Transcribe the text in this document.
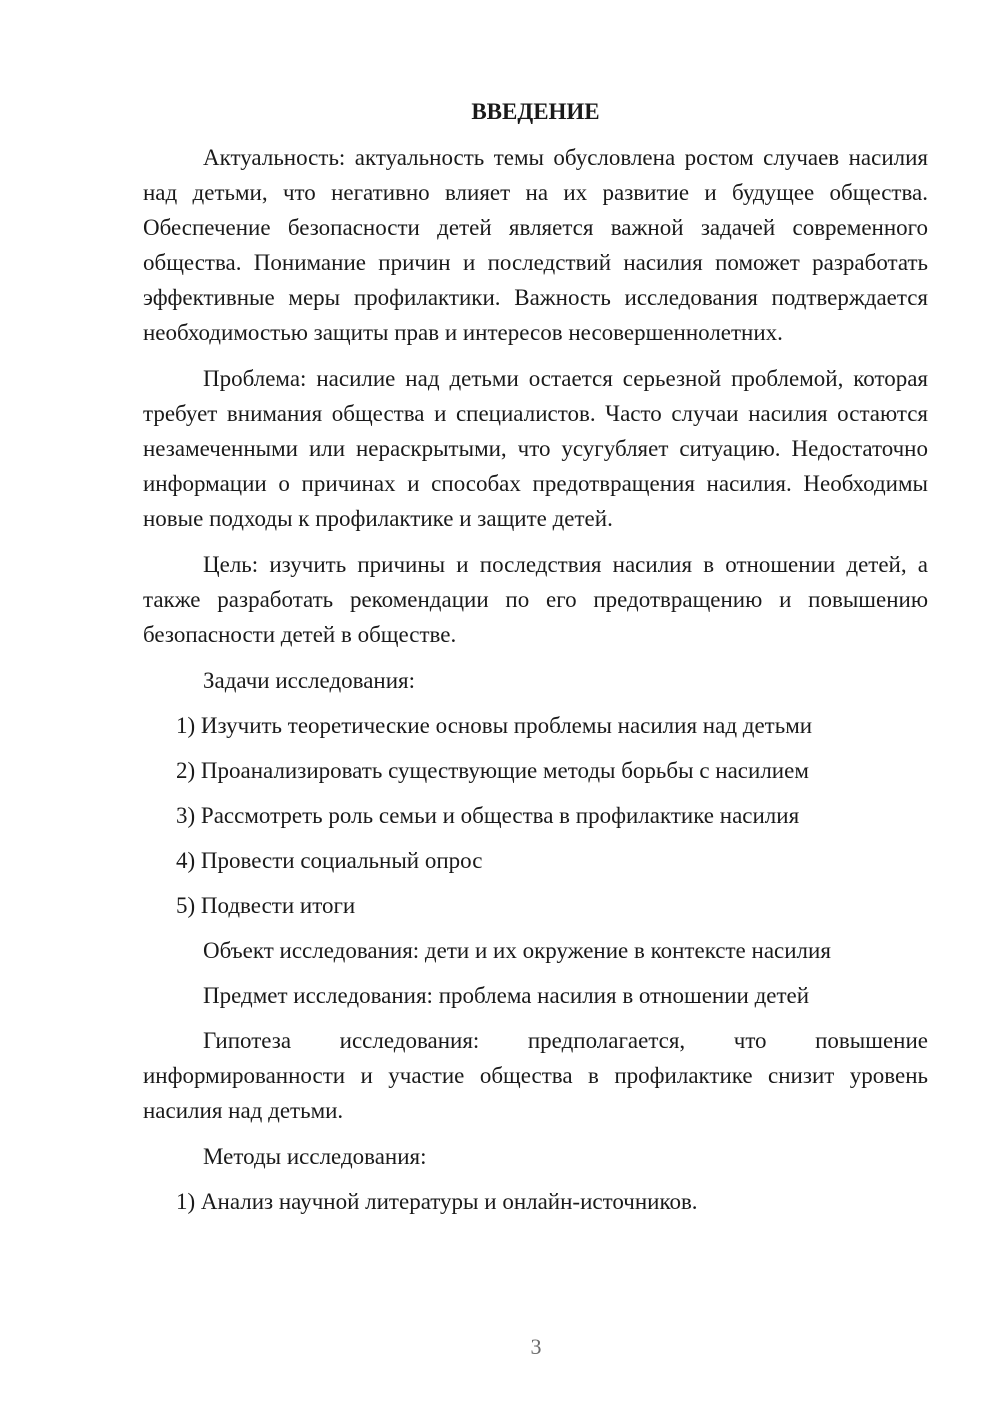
ВВЕДЕНИЕ

Актуальность: актуальность темы обусловлена ростом случаев насилия над детьми, что негативно влияет на их развитие и будущее общества. Обеспечение безопасности детей является важной задачей современного общества. Понимание причин и последствий насилия поможет разработать эффективные меры профилактики. Важность исследования подтверждается необходимостью защиты прав и интересов несовершеннолетних.

Проблема: насилие над детьми остается серьезной проблемой, которая требует внимания общества и специалистов. Часто случаи насилия остаются незамеченными или нераскрытыми, что усугубляет ситуацию. Недостаточно информации о причинах и способах предотвращения насилия. Необходимы новые подходы к профилактике и защите детей.

Цель: изучить причины и последствия насилия в отношении детей, а также разработать рекомендации по его предотвращению и повышению безопасности детей в обществе.

Задачи исследования:

1) Изучить теоретические основы проблемы насилия над детьми

2) Проанализировать существующие методы борьбы с насилием

3) Рассмотреть роль семьи и общества в профилактике насилия

4) Провести социальный опрос

5) Подвести итоги

Объект исследования: дети и их окружение в контексте насилия

Предмет исследования: проблема насилия в отношении детей

Гипотеза исследования: предполагается, что повышение информированности и участие общества в профилактике снизит уровень насилия над детьми.

Методы исследования:

1) Анализ научной литературы и онлайн-источников.

3
